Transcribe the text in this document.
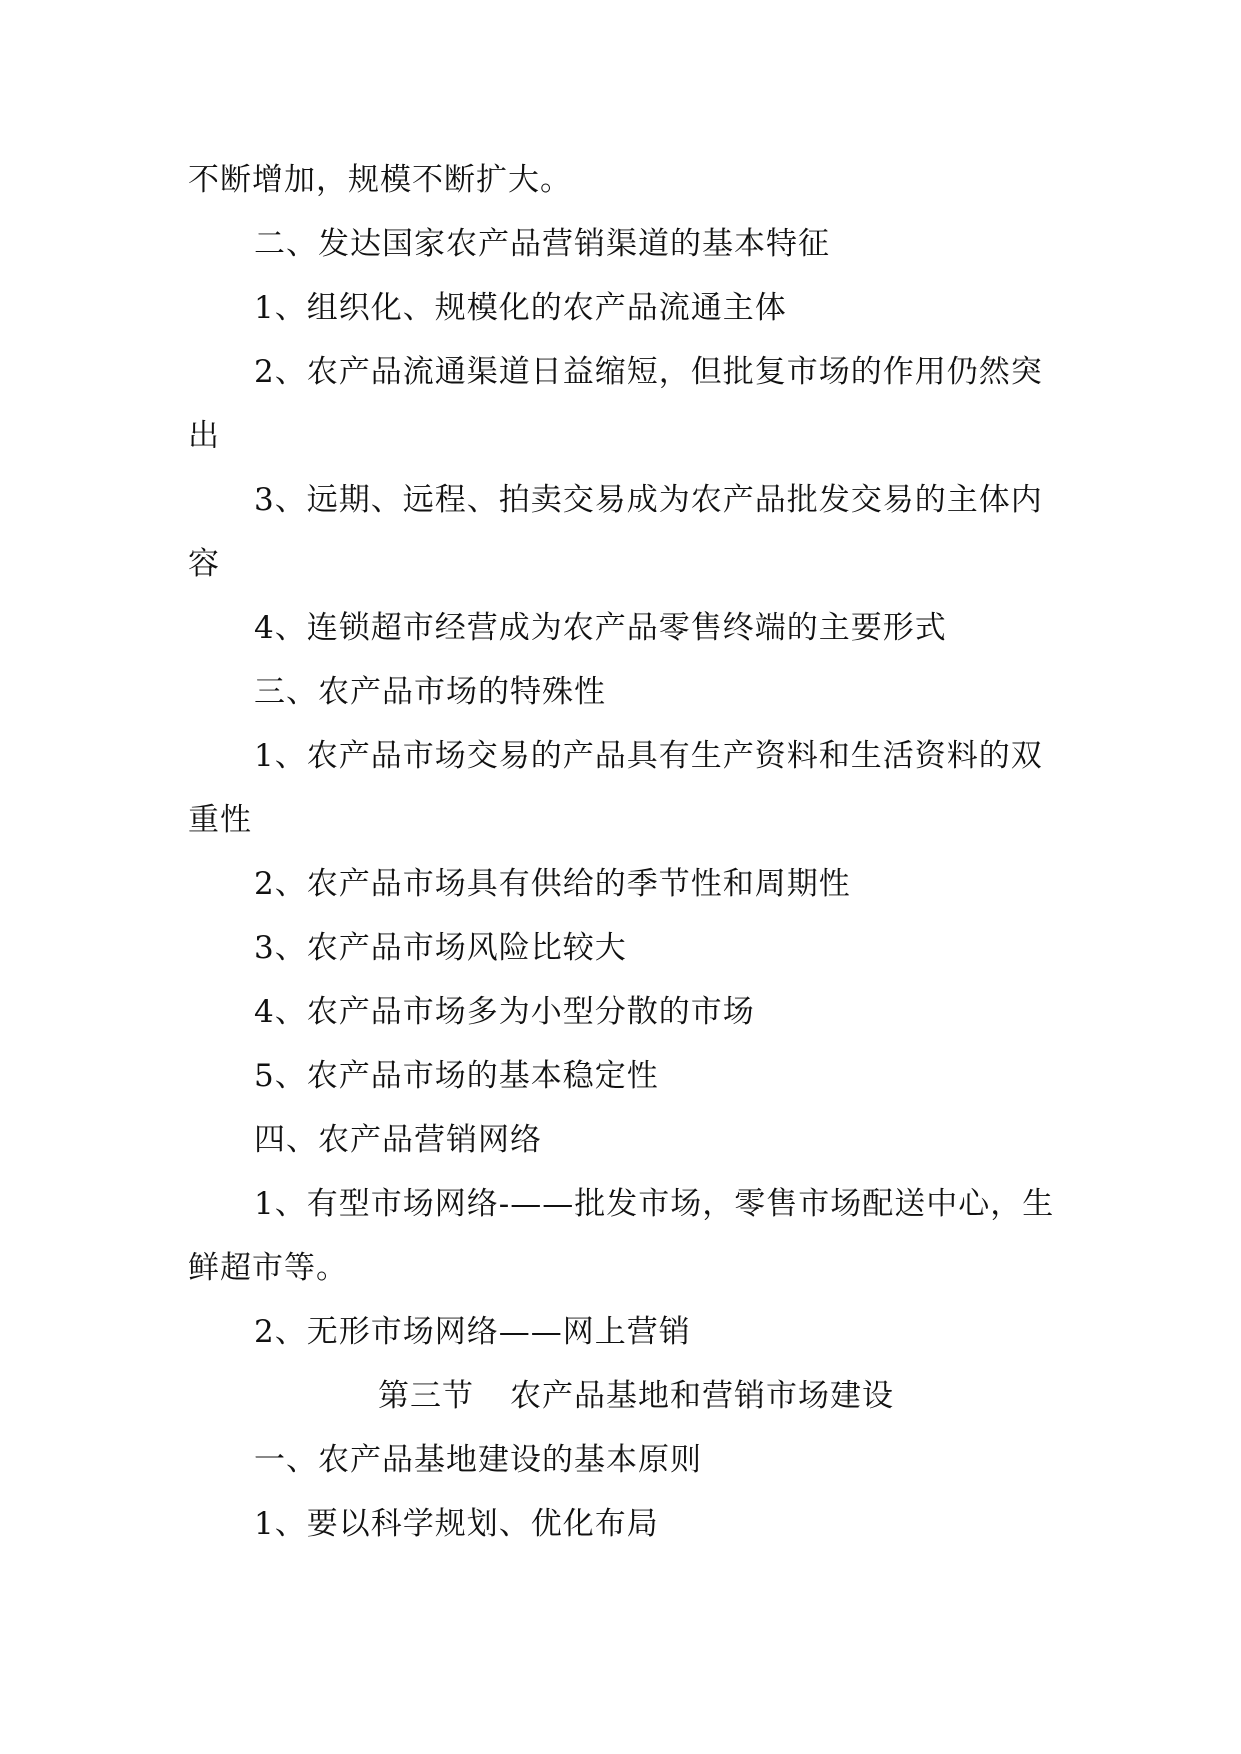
不断增加，规模不断扩大。

二、发达国家农产品营销渠道的基本特征

1、组织化、规模化的农产品流通主体

2、农产品流通渠道日益缩短，但批复市场的作用仍然突出

3、远期、远程、拍卖交易成为农产品批发交易的主体内容

4、连锁超市经营成为农产品零售终端的主要形式

三、农产品市场的特殊性

1、农产品市场交易的产品具有生产资料和生活资料的双重性

2、农产品市场具有供给的季节性和周期性

3、农产品市场风险比较大

4、农产品市场多为小型分散的市场

5、农产品市场的基本稳定性

四、农产品营销网络

1、有型市场网络-——批发市场，零售市场配送中心，生鲜超市等。

2、无形市场网络——网上营销

第三节 农产品基地和营销市场建设

一、农产品基地建设的基本原则

1、要以科学规划、优化布局
